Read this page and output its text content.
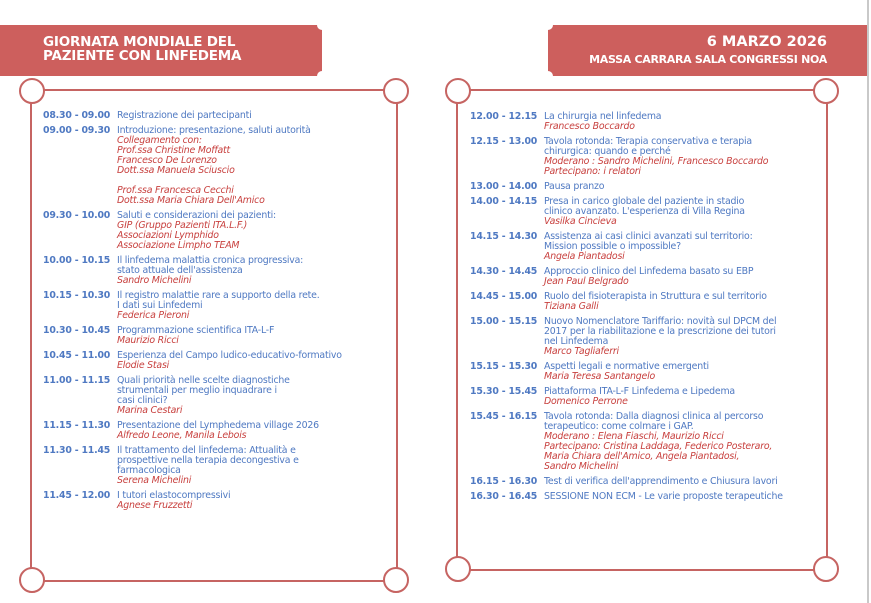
GIORNATA MONDIALE DEL
PAZIENTE CON LINFEDEMA
6 MARZO 2026
MASSA CARRARA SALA CONGRESSI NOA
08.30 - 09.00 Registrazione dei partecipanti
09.00 - 09.30 Introduzione: presentazione, saluti autorità
Collegamento con:
Prof.ssa Christine Moffatt
Francesco De Lorenzo
Dott.ssa Manuela Sciuscio
Prof.ssa Francesca Cecchi
Dott.ssa Maria Chiara Dell'Amico
09.30 - 10.00 Saluti e considerazioni dei pazienti:
GIP (Gruppo Pazienti ITA.L.F.)
Associazioni Lymphido
Associazione Limpho TEAM
10.00 - 10.15 Il linfedema malattia cronica progressiva:
stato attuale dell'assistenza
Sandro Michelini
10.15 - 10.30 Il registro malattie rare a supporto della rete.
I dati sui Linfedemi
Federica Pieroni
10.30 - 10.45 Programmazione scientifica ITA-L-F
Maurizio Ricci
10.45 - 11.00 Esperienza del Campo ludico-educativo-formativo
Elodie Stasi
11.00 - 11.15 Quali priorità nelle scelte diagnostiche
strumentali per meglio inquadrare i
casi clinici?
Marina Cestari
11.15 - 11.30 Presentazione del Lymphedema village 2026
Alfredo Leone, Manila Lebois
11.30 - 11.45 Il trattamento del linfedema: Attualità e
prospettive nella terapia decongestiva e
farmacologica
Serena Michelini
11.45 - 12.00 I tutori elastocompressivi
Agnese Fruzzetti
12.00 - 12.15 La chirurgia nel linfedema
Francesco Boccardo
12.15 - 13.00 Tavola rotonda: Terapia conservativa e terapia
chirurgica: quando e perché
Moderano : Sandro Michelini, Francesco Boccardo
Partecipano: i relatori
13.00 - 14.00 Pausa pranzo
14.00 - 14.15 Presa in carico globale del paziente in stadio
clinico avanzato. L'esperienza di Villa Regina
Vasilka Cincieva
14.15 - 14.30 Assistenza ai casi clinici avanzati sul territorio:
Mission possible o impossible?
Angela Piantadosi
14.30 - 14.45 Approccio clinico del Linfedema basato su EBP
Jean Paul Belgrado
14.45 - 15.00 Ruolo del fisioterapista in Struttura e sul territorio
Tiziana Galli
15.00 - 15.15 Nuovo Nomenclatore Tariffario: novità sul DPCM del
2017 per la riabilitazione e la prescrizione dei tutori
nel Linfedema
Marco Tagliaferri
15.15 - 15.30 Aspetti legali e normative emergenti
Maria Teresa Santangelo
15.30 - 15.45 Piattaforma ITA-L-F Linfedema e Lipedema
Domenico Perrone
15.45 - 16.15 Tavola rotonda: Dalla diagnosi clinica al percorso
terapeutico: come colmare i GAP.
Moderano : Elena Fiaschi, Maurizio Ricci
Partecipano: Cristina Laddaga, Federico Posteraro,
Maria Chiara dell'Amico, Angela Piantadosi,
Sandro Michelini
16.15 - 16.30 Test di verifica dell'apprendimento e Chiusura lavori
16.30 - 16.45 SESSIONE NON ECM - Le varie proposte terapeutiche
